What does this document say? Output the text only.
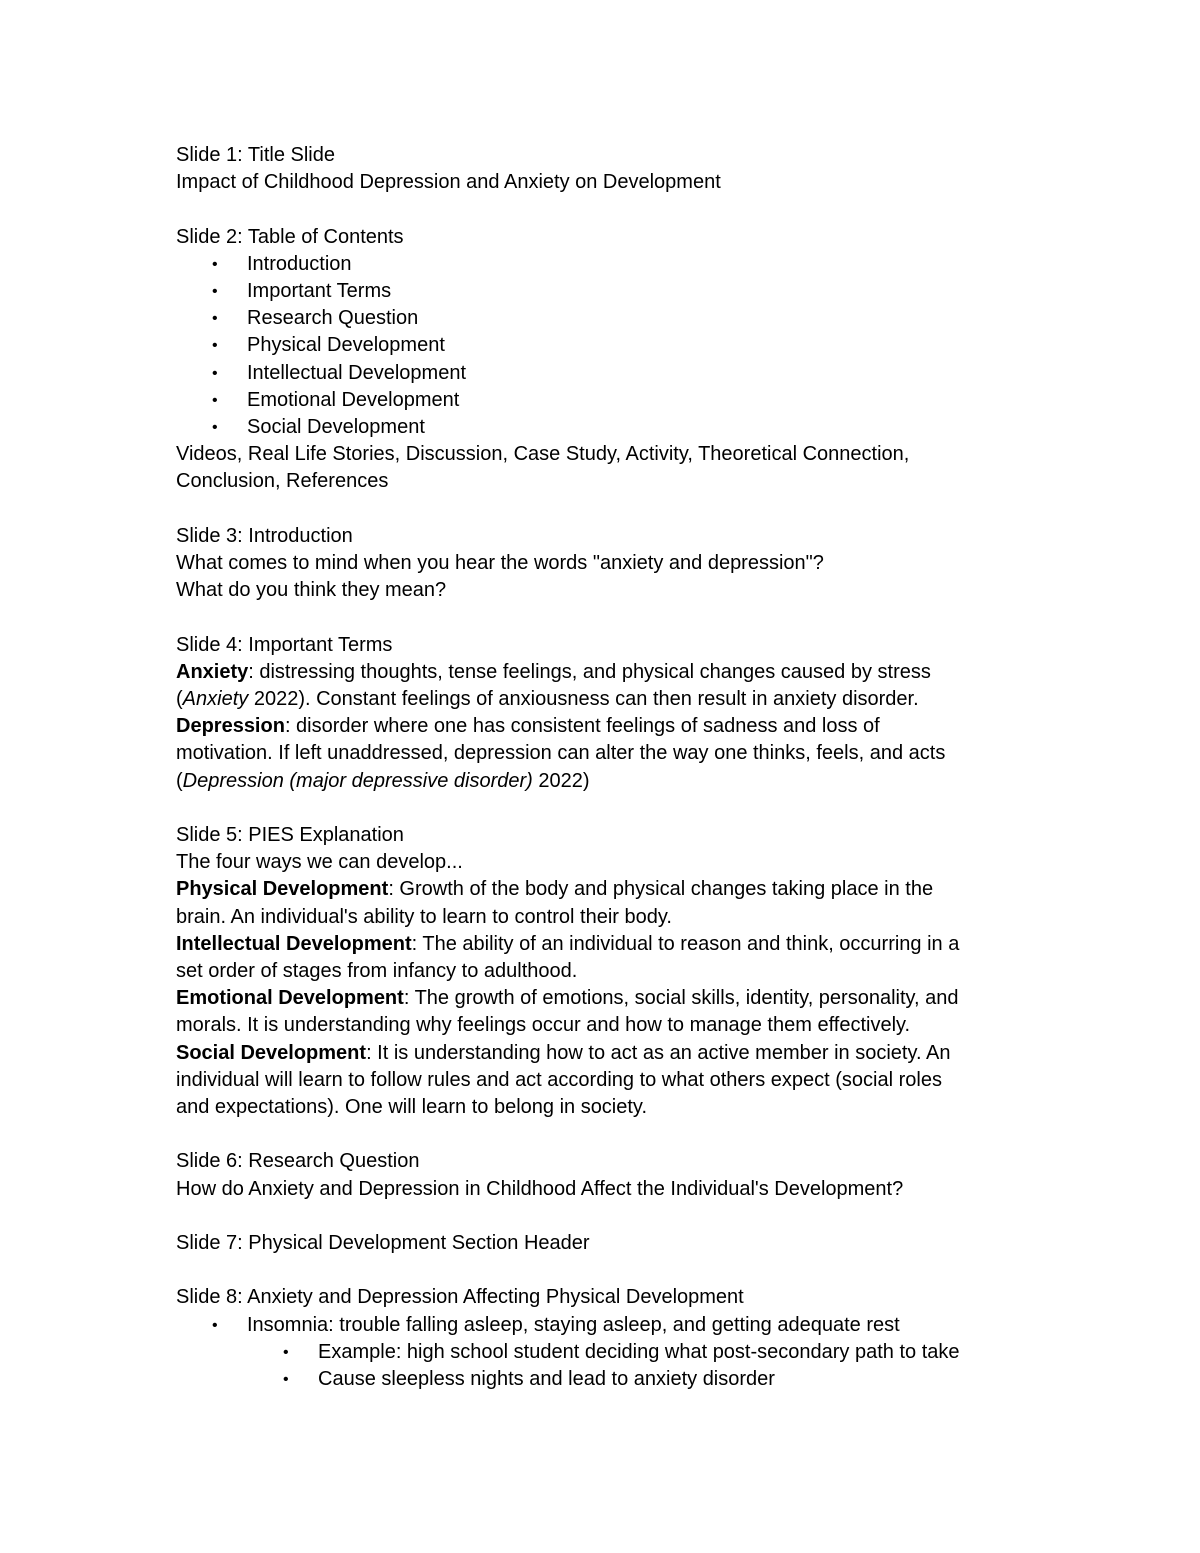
Slide 1: Title Slide

Impact of Childhood Depression and Anxiety on Development

Slide 2: Table of Contents

• Introduction

• Important Terms

• Research Question

• Physical Development

• Intellectual Development

• Emotional Development

• Social Development

Videos, Real Life Stories, Discussion, Case Study, Activity, Theoretical Connection,

Conclusion, References

Slide 3: Introduction

What comes to mind when you hear the words "anxiety and depression"?

What do you think they mean?

Slide 4: Important Terms

Anxiety: distressing thoughts, tense feelings, and physical changes caused by stress

(Anxiety 2022). Constant feelings of anxiousness can then result in anxiety disorder.

Depression: disorder where one has consistent feelings of sadness and loss of

motivation. If left unaddressed, depression can alter the way one thinks, feels, and acts

(Depression (major depressive disorder) 2022)

Slide 5: PIES Explanation

The four ways we can develop...

Physical Development: Growth of the body and physical changes taking place in the

brain. An individual's ability to learn to control their body.

Intellectual Development: The ability of an individual to reason and think, occurring in a

set order of stages from infancy to adulthood.

Emotional Development: The growth of emotions, social skills, identity, personality, and

morals. It is understanding why feelings occur and how to manage them effectively.

Social Development: It is understanding how to act as an active member in society. An

individual will learn to follow rules and act according to what others expect (social roles

and expectations). One will learn to belong in society.

Slide 6: Research Question

How do Anxiety and Depression in Childhood Affect the Individual's Development?

Slide 7: Physical Development Section Header

Slide 8: Anxiety and Depression Affecting Physical Development

• Insomnia: trouble falling asleep, staying asleep, and getting adequate rest

• Example: high school student deciding what post-secondary path to take

• Cause sleepless nights and lead to anxiety disorder
